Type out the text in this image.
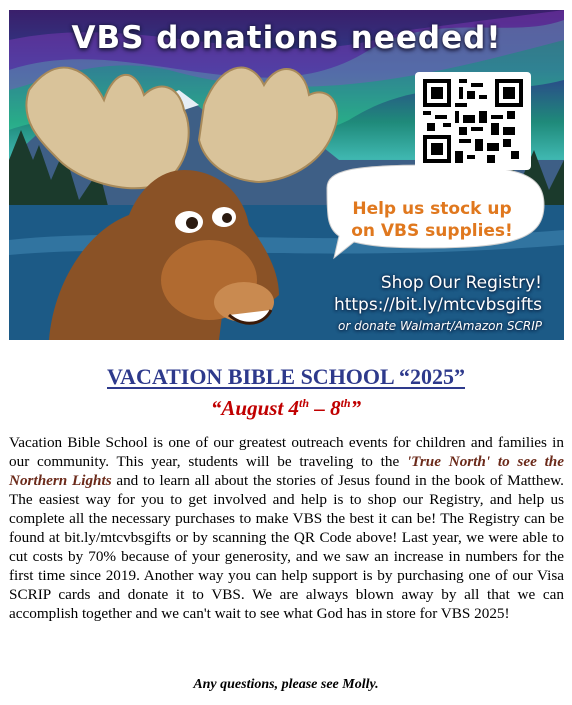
VBS donations needed!
Help us stock up
on VBS supplies!
Shop Our Registry!
https://bit.ly/mtcvbsgifts
or donate Walmart/Amazon SCRIP
VACATION BIBLE SCHOOL “2025”
“August 4th – 8th”
Vacation Bible School is one of our greatest outreach events for children and families in our community. This year, students will be traveling to the 'True North' to see the Northern Lights and to learn all about the stories of Jesus found in the book of Matthew. The easiest way for you to get involved and help is to shop our Registry, and help us complete all the necessary purchases to make VBS the best it can be! The Registry can be found at bit.ly/mtcvbsgifts or by scanning the QR Code above! Last year, we were able to cut costs by 70% because of your generosity, and we saw an increase in numbers for the first time since 2019. Another way you can help support is by purchasing one of our Visa SCRIP cards and donate it to VBS. We are always blown away by all that we can accomplish together and we can't wait to see what God has in store for VBS 2025!
Any questions, please see Molly.
